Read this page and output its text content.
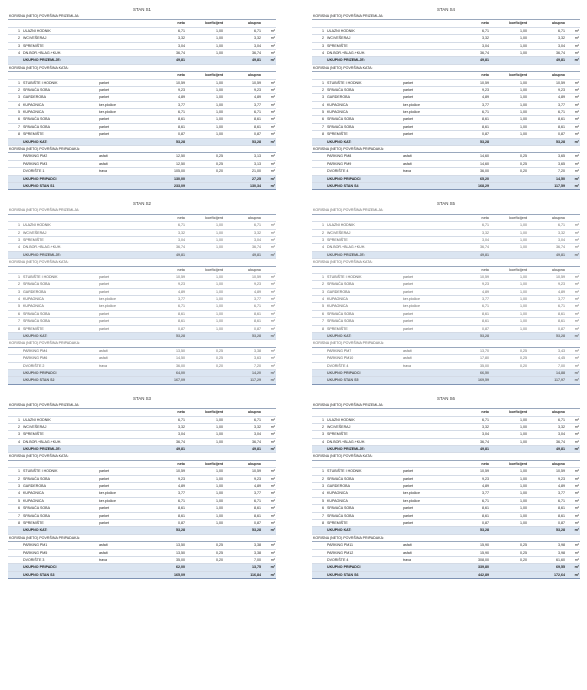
STAN S1
KORISNA (NETO) POVRŠINA PRIZEMLJA:
neto	koeficijent	ukupno
1 ULAZNI HODNIK	6,71	1,00	6,71	m²
2 WC/VEŠERAJ	3,32	1,00	3,32	m²
3 SPREMIŠTE	3,04	1,00	3,04	m²
4 DN.BOR.+BLAG.+KUH.	36,74	1,00	36,74	m²
UKUPNO PRIZEMLJE:	49,81	49,81	m²
KORISNA (NETO) POVRŠINA KATA:
neto	koeficijent	ukupno
1 STUBIŠTE I HODNIK	parket	10,59	1,00	10,59	m²
2 SPAVAĆA SOBA	parket	9,23	1,00	9,23	m²
3 GARDEROBA	parket	4,89	1,00	4,89	m²
4 KUPAONICA	ker.pločice	3,77	1,00	3,77	m²
5 KUPAONICA	ker.pločice	6,71	1,00	6,71	m²
6 SPAVAĆA SOBA	parket	8,61	1,00	8,61	m²
7 SPAVAĆA SOBA	parket	8,61	1,00	8,61	m²
8 SPREMIŠTE	parket	0,87	1,00	0,87	m²
UKUPNO KAT:	53,28	53,28	m²
KORISNA (NETO) POVRŠINA PRIPADAKA:
PARKING PM2	asfalt	12,50	0,25	3,13	m²
PARKING PM3	asfalt	12,50	0,25	3,13	m²
DVORIŠTE 1	trava	105,00	0,20	21,00	m²
UKUPNO PRIPADCI	130,00	27,25	m²
UKUPNO STAN S1	233,09	130,34	m²
STAN S4
KORISNA (NETO) POVRŠINA PRIZEMLJA:
neto	koeficijent	ukupno
1 ULAZNI HODNIK	6,71	1,00	6,71	m²
2 WC/VEŠERAJ	3,32	1,00	3,32	m²
3 SPREMIŠTE	3,04	1,00	3,04	m²
4 DN.BOR.+BLAG.+KUH.	36,74	1,00	36,74	m²
UKUPNO PRIZEMLJE:	49,81	49,81	m²
KORISNA (NETO) POVRŠINA KATA:
neto	koeficijent	ukupno
1 STUBIŠTE I HODNIK	parket	10,59	1,00	10,59	m²
2 SPAVAĆA SOBA	parket	9,23	1,00	9,23	m²
3 GARDEROBA	parket	4,89	1,00	4,89	m²
4 KUPAONICA	ker.pločice	3,77	1,00	3,77	m²
5 KUPAONICA	ker.pločice	6,71	1,00	6,71	m²
6 SPAVAĆA SOBA	parket	8,61	1,00	8,61	m²
7 SPAVAĆA SOBA	parket	8,61	1,00	8,61	m²
8 SPREMIŠTE	parket	0,87	1,00	0,87	m²
UKUPNO KAT:	53,28	53,28	m²
KORISNA (NETO) POVRŠINA PRIPADAKA:
PARKING PM8	asfalt	14,60	0,25	3,65	m²
PARKING PM9	asfalt	14,60	0,25	3,65	m²
DVORIŠTE 4	trava	36,00	0,20	7,20	m²
UKUPNO PRIPADCI	65,20	14,50	m²
UKUPNO STAN S4	168,29	117,59	m²
STAN S2
KORISNA (NETO) POVRŠINA PRIZEMLJA:
neto	koeficijent	ukupno
1 ULAZNI HODNIK	6,71	1,00	6,71	m²
2 WC/VEŠERAJ	3,32	1,00	3,32	m²
3 SPREMIŠTE	3,04	1,00	3,04	m²
4 DN.BOR.+BLAG.+KUH.	36,74	1,00	36,74	m²
UKUPNO PRIZEMLJE:	49,81	49,81	m²
KORISNA (NETO) POVRŠINA KATA:
neto	koeficijent	ukupno
1 STUBIŠTE I HODNIK	parket	10,59	1,00	10,59	m²
2 SPAVAĆA SOBA	parket	9,23	1,00	9,23	m²
3 GARDEROBA	parket	4,89	1,00	4,89	m²
4 KUPAONICA	ker.pločice	3,77	1,00	3,77	m²
5 KUPAONICA	ker.pločice	6,71	1,00	6,71	m²
6 SPAVAĆA SOBA	parket	8,61	1,00	8,61	m²
7 SPAVAĆA SOBA	parket	8,61	1,00	8,61	m²
8 SPREMIŠTE	parket	0,87	1,00	0,87	m²
UKUPNO KAT:	53,28	53,28	m²
KORISNA (NETO) POVRŠINA PRIPADAKA:
PARKING PM4	asfalt	13,50	0,25	3,38	m²
PARKING PM6	asfalt	14,50	0,25	3,63	m²
DVORIŠTE 2	trava	36,00	0,20	7,20	m²
UKUPNO PRIPADCI	64,00	14,20	m²
UKUPNO STAN S2	167,09	117,29	m²
STAN S5
KORISNA (NETO) POVRŠINA PRIZEMLJA:
neto	koeficijent	ukupno
1 ULAZNI HODNIK	6,71	1,00	6,71	m²
2 WC/VEŠERAJ	3,32	1,00	3,32	m²
3 SPREMIŠTE	3,04	1,00	3,04	m²
4 DN.BOR.+BLAG.+KUH.	36,74	1,00	36,74	m²
UKUPNO PRIZEMLJE:	49,81	49,81	m²
KORISNA (NETO) POVRŠINA KATA:
neto	koeficijent	ukupno
1 STUBIŠTE I HODNIK	parket	10,59	1,00	10,59	m²
2 SPAVAĆA SOBA	parket	9,23	1,00	9,23	m²
3 GARDEROBA	parket	4,89	1,00	4,89	m²
4 KUPAONICA	ker.pločice	3,77	1,00	3,77	m²
5 KUPAONICA	ker.pločice	6,71	1,00	6,71	m²
6 SPAVAĆA SOBA	parket	8,61	1,00	8,61	m²
7 SPAVAĆA SOBA	parket	8,61	1,00	8,61	m²
8 SPREMIŠTE	parket	0,87	1,00	0,87	m²
UKUPNO KAT:	53,28	53,28	m²
KORISNA (NETO) POVRŠINA PRIPADAKA:
PARKING PM7	asfalt	13,70	0,25	3,43	m²
PARKING PM10	asfalt	17,80	0,25	4,45	m²
DVORIŠTE 4	trava	35,00	0,20	7,00	m²
UKUPNO PRIPADCI	66,50	14,88	m²
UKUPNO STAN S5	169,59	117,97	m²
STAN S3
KORISNA (NETO) POVRŠINA PRIZEMLJA:
neto	koeficijent	ukupno
1 ULAZNI HODNIK	6,71	1,00	6,71	m²
2 WC/VEŠERAJ	3,32	1,00	3,32	m²
3 SPREMIŠTE	3,04	1,00	3,04	m²
4 DN.BOR.+BLAG.+KUH.	36,74	1,00	36,74	m²
UKUPNO PRIZEMLJE:	49,81	49,81	m²
KORISNA (NETO) POVRŠINA KATA:
neto	koeficijent	ukupno
1 STUBIŠTE I HODNIK	parket	10,59	1,00	10,59	m²
2 SPAVAĆA SOBA	parket	9,23	1,00	9,23	m²
3 GARDEROBA	parket	4,89	1,00	4,89	m²
4 KUPAONICA	ker.pločice	3,77	1,00	3,77	m²
5 KUPAONICA	ker.pločice	6,71	1,00	6,71	m²
6 SPAVAĆA SOBA	parket	8,61	1,00	8,61	m²
7 SPAVAĆA SOBA	parket	8,61	1,00	8,61	m²
8 SPREMIŠTE	parket	0,87	1,00	0,87	m²
UKUPNO KAT:	53,28	53,28	m²
KORISNA (NETO) POVRŠINA PRIPADAKA:
PARKING PM1	asfalt	13,50	0,25	3,38	m²
PARKING PM5	asfalt	13,50	0,25	3,38	m²
DVORIŠTE 3	trava	35,00	0,20	7,00	m²
UKUPNO PRIPADCI	62,00	13,75	m²
UKUPNO STAN S3	165,09	116,84	m²
STAN S6
KORISNA (NETO) POVRŠINA PRIZEMLJA:
neto	koeficijent	ukupno
1 ULAZNI HODNIK	6,71	1,00	6,71	m²
2 WC/VEŠERAJ	3,32	1,00	3,32	m²
3 SPREMIŠTE	3,04	1,00	3,04	m²
4 DN.BOR.+BLAG.+KUH.	36,74	1,00	36,74	m²
UKUPNO PRIZEMLJE:	49,81	49,81	m²
KORISNA (NETO) POVRŠINA KATA:
neto	koeficijent	ukupno
1 STUBIŠTE I HODNIK	parket	10,59	1,00	10,59	m²
2 SPAVAĆA SOBA	parket	9,23	1,00	9,23	m²
3 GARDEROBA	parket	4,89	1,00	4,89	m²
4 KUPAONICA	ker.pločice	3,77	1,00	3,77	m²
5 KUPAONICA	ker.pločice	6,71	1,00	6,71	m²
6 SPAVAĆA SOBA	parket	8,61	1,00	8,61	m²
7 SPAVAĆA SOBA	parket	8,61	1,00	8,61	m²
8 SPREMIŠTE	parket	0,87	1,00	0,87	m²
UKUPNO KAT:	53,28	53,28	m²
KORISNA (NETO) POVRŠINA PRIPADAKA:
PARKING PM11	asfalt	15,90	0,25	3,98	m²
PARKING PM12	asfalt	15,90	0,25	3,98	m²
DVORIŠTE 4	trava	308,00	0,20	61,60	m²
UKUPNO PRIPADCI	339,80	69,55	m²
UKUPNO STAN S6	442,89	172,64	m²
